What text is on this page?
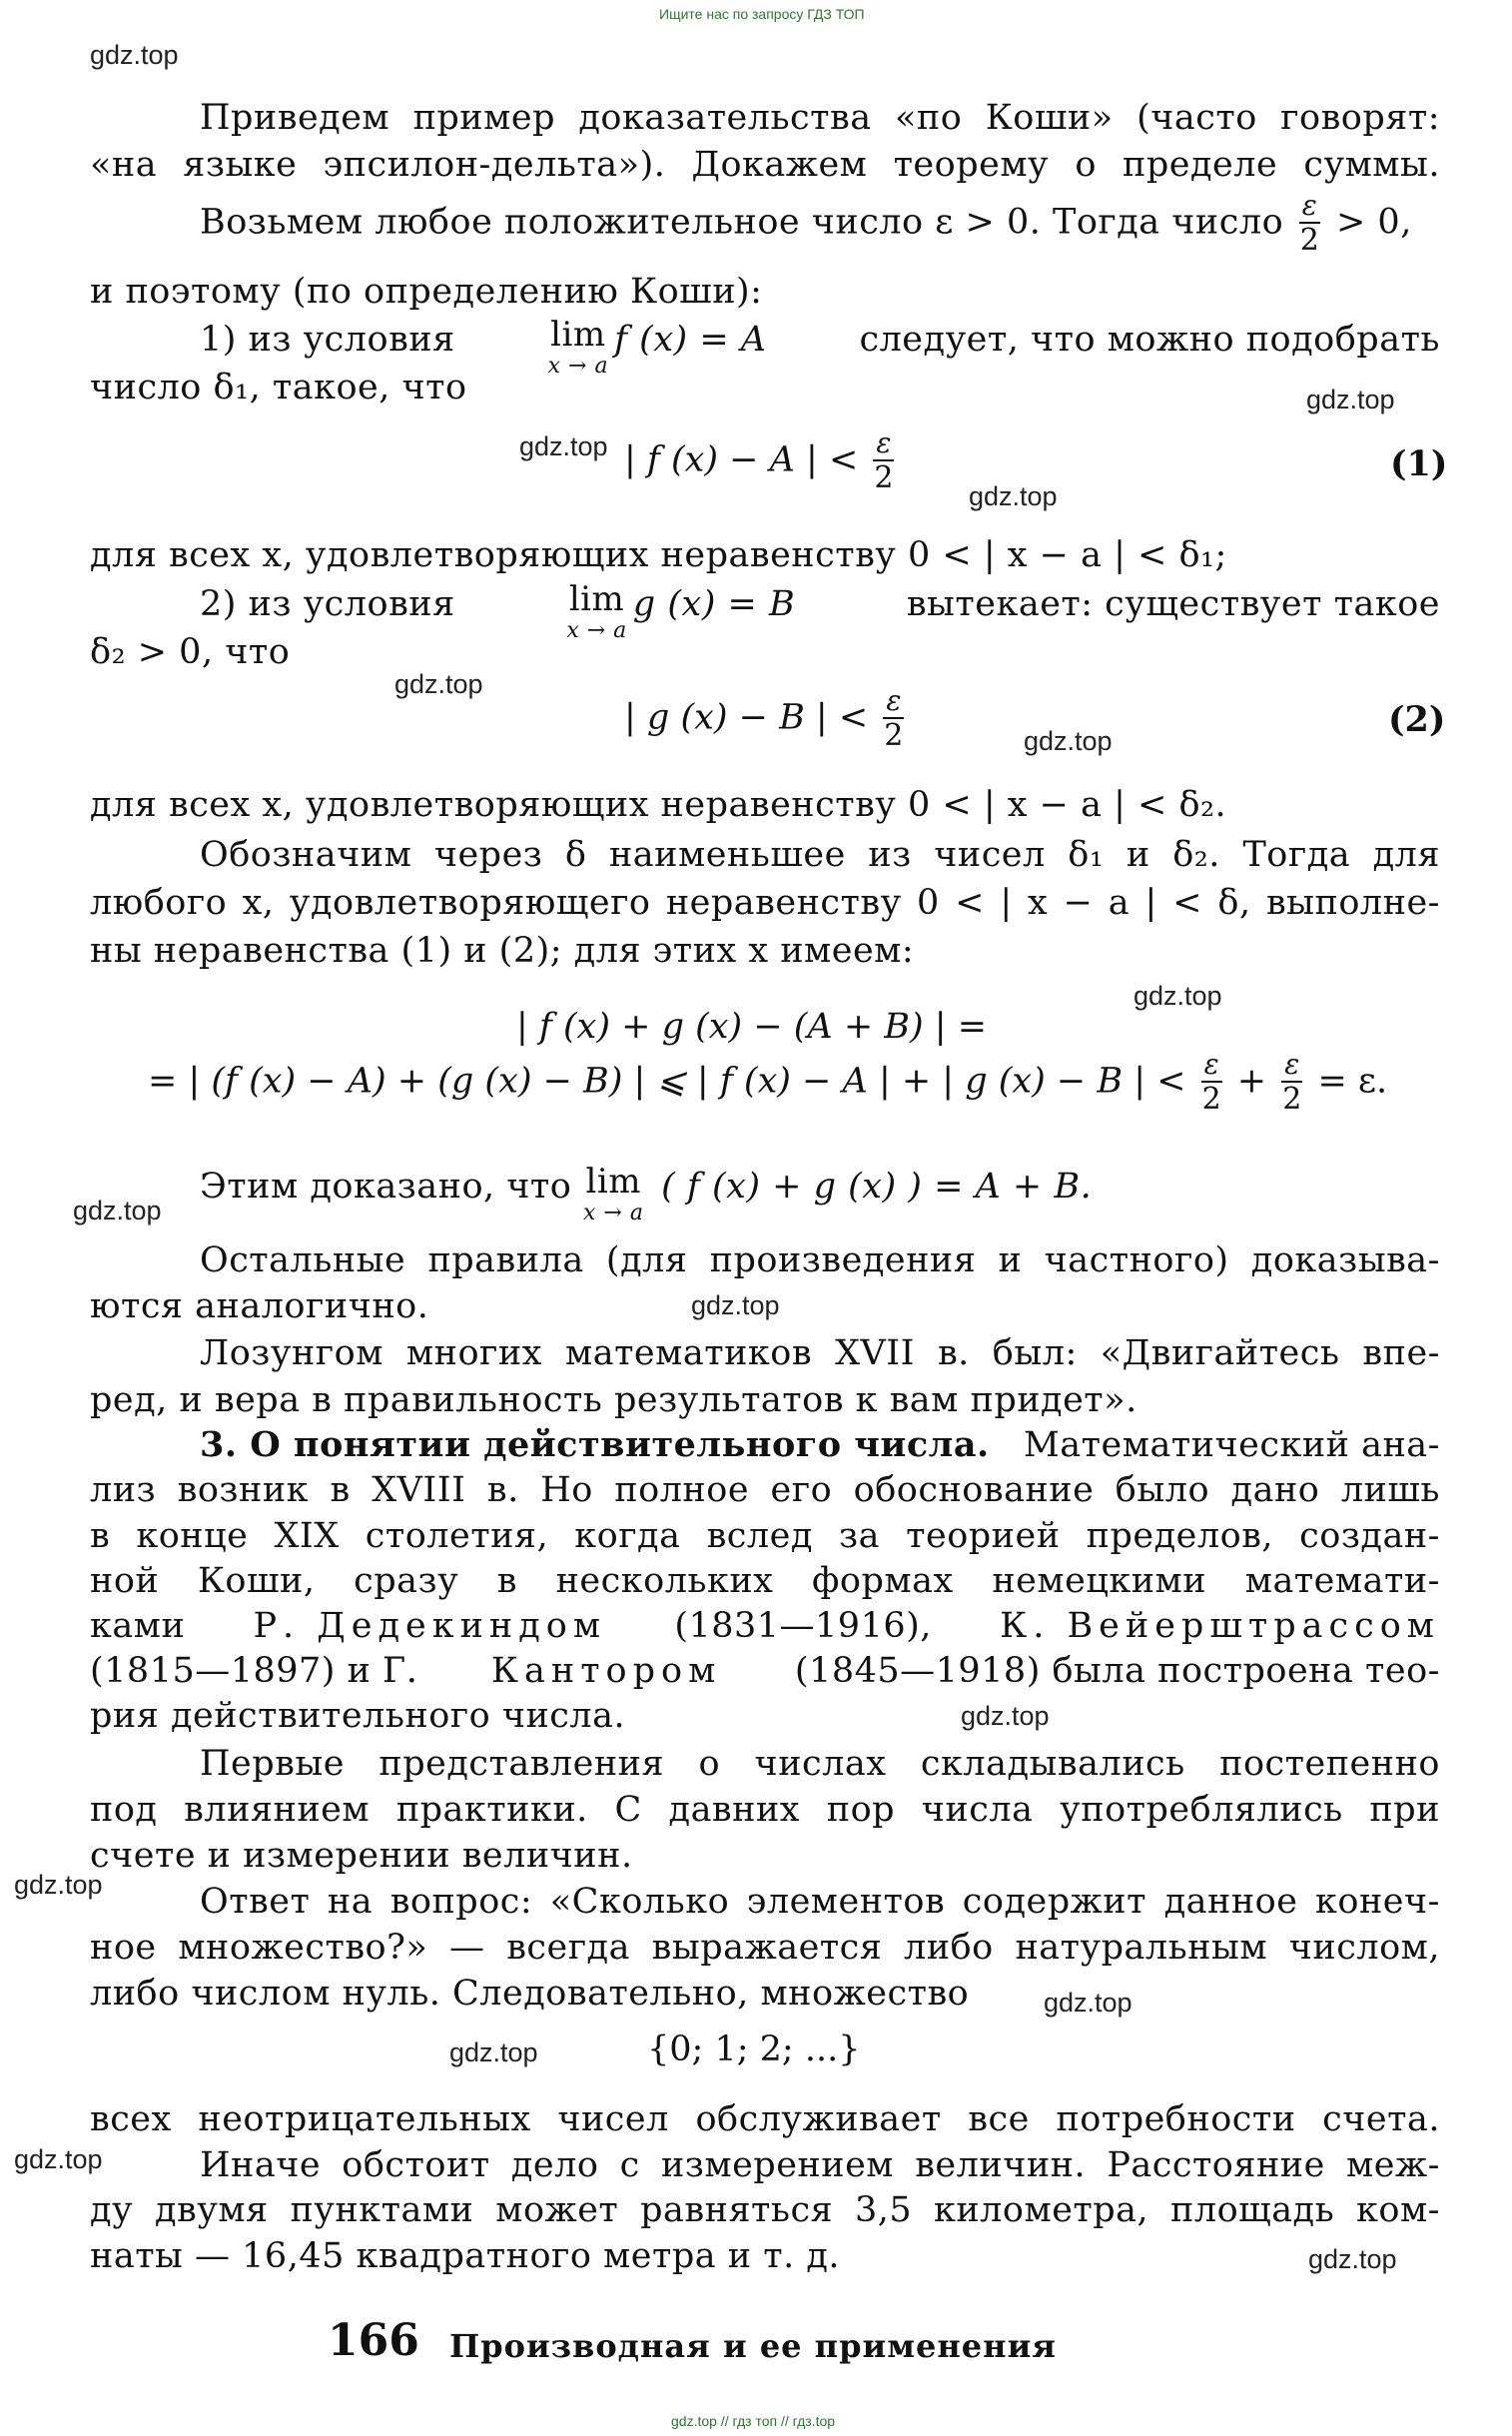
Ищите нас по запросу ГДЗ ТОП
gdz.top
gdz.top
gdz.top
gdz.top
gdz.top
gdz.top
gdz.top
gdz.top
gdz.top
gdz.top
gdz.top
gdz.top
gdz.top
gdz.top
gdz.top
Приведем пример доказательства «по Коши» (часто говорят:
«на языке эпсилон-дельта»). Докажем теорему о пределе суммы.
Возьмем любое положительное число ε > 0. Тогда число $\frac{\varepsilon}{2} > 0$,
и поэтому (по определению Коши):
1) из условия	lim
x → a
f (x) = A	следует, что можно подобрать
число δ₁, такое, что
| f (x) − A | < $\frac{\varepsilon}{2}$	(1)
для всех x, удовлетворяющих неравенству 0 < | x − a | < δ₁;
2) из условия	lim
x → a
g (x) = B	вытекает: существует такое
δ₂ > 0, что
| g (x) − B | < $\frac{\varepsilon}{2}$	(2)
для всех x, удовлетворяющих неравенству 0 < | x − a | < δ₂.
Обозначим через δ наименьшее из чисел δ₁ и δ₂. Тогда для
любого x, удовлетворяющего неравенству 0 < | x − a | < δ, выполне-
ны неравенства (1) и (2); для этих x имеем:
| f (x) + g (x) − (A + B) | =
= | (f (x) − A) + (g (x) − B) | ⩽ | f (x) − A | + | g (x) − B | < $\frac{\varepsilon}{2} + \frac{\varepsilon}{2} = \varepsilon$.
Этим доказано, что lim
x → a
( f (x) + g (x) ) = A + B.
Остальные правила (для произведения и частного) доказыва-
ются аналогично.
Лозунгом многих математиков XVII в. был: «Двигайтесь впе-
ред, и вера в правильность результатов к вам придет».
3. О понятии действительного числа. Математический ана-
лиз возник в XVIII в. Но полное его обоснование было дано лишь
в конце XIX столетия, когда вслед за теорией пределов, создан-
ной Коши, сразу в нескольких формах немецкими математи-
ками Р. Дедекиндом (1831—1916), К. Вейерштрассом
(1815—1897) и Г. Кантором (1845—1918) была построена тео-
рия действительного числа.
Первые представления о числах складывались постепенно
под влиянием практики. С давних пор числа употреблялись при
счете и измерении величин.
Ответ на вопрос: «Сколько элементов содержит данное конеч-
ное множество?» — всегда выражается либо натуральным числом,
либо числом нуль. Следовательно, множество
{0; 1; 2; ...}
всех неотрицательных чисел обслуживает все потребности счета.
Иначе обстоит дело с измерением величин. Расстояние меж-
ду двумя пунктами может равняться 3,5 километра, площадь ком-
наты — 16,45 квадратного метра и т. д.
166 Производная и ее применения
gdz.top // гдз топ // гдз.top
